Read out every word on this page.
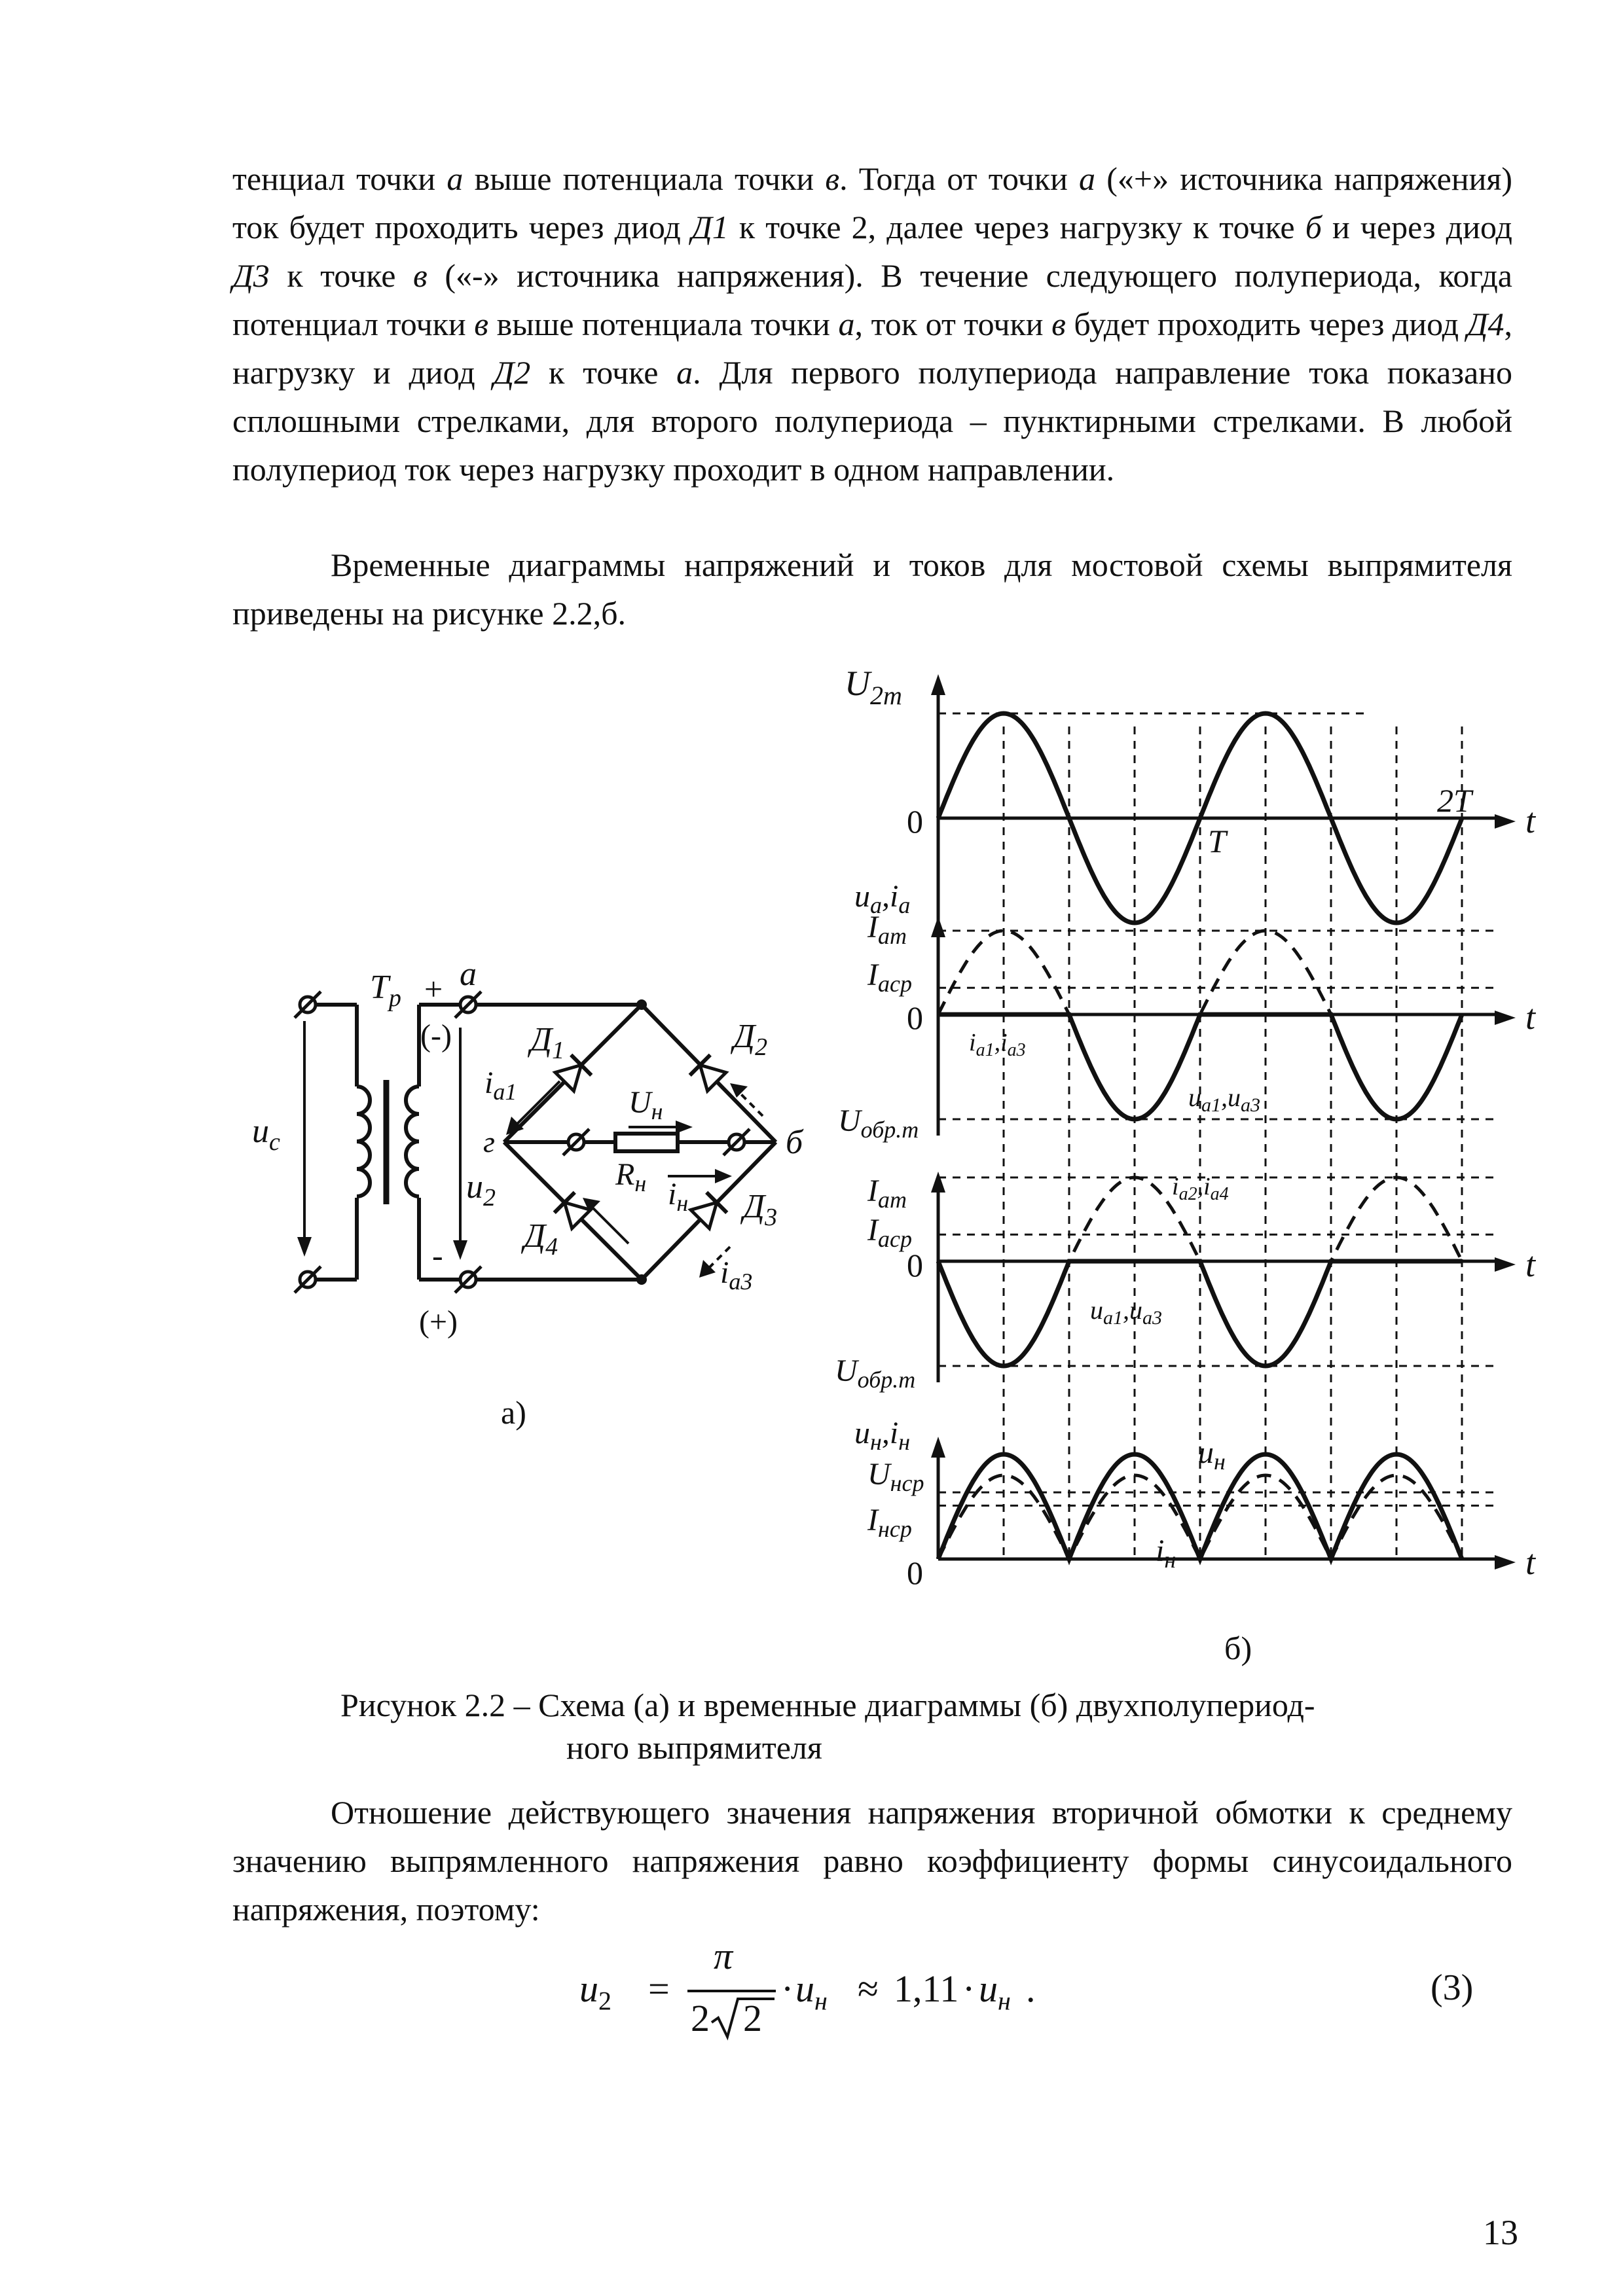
тенциал точки а выше потенциала точки в. Тогда от точки а («+» источника напряжения) ток будет проходить через диод Д1 к точке 2, далее через нагрузку к точке б и через диод Д3 к точке в («-» источника напряжения). В течение следующего полупериода, когда потенциал точки в выше потенциала точки а, ток от точки в будет проходить через диод Д4, нагрузку и диод Д2 к точке а. Для первого полупериода направление тока показано сплошными стрелками, для второго полупериода – пунктирными стрелками. В любой полупериод ток через нагрузку проходит в одном направлении.

Временные диаграммы напряжений и токов для мостовой схемы выпрямителя приведены на рисунке 2.2,б.

$u_c$
$Т_р + а$
(-)
-
(+)
$u_2$
г	б
$Д_1$	$Д_2$
$Д_3$
$Д_4$
$i_{а1}$
$i_{а3}$
$U_н$
$R_н$ $i_н$
а)
$U_{2m}$
0	t
T
2T
$u_а,i_а$
$I_{am}$
$I_{аср}$
0	t
$i_{а1},i_{а3}$
$u_{а1},u_{а3}$
$U_{обр.m}$
$I_{am}$
$I_{аср}$
0	t
$i_{а2},i_{а4}$
$u_{а1},u_{а3}$
$U_{обр.m}$
$u_н,i_н$
$U_{нср}$
$I_{нср}$
0	t
$u_н$
$i_н$
б)
Рисунок 2.2 – Схема (а) и временные диаграммы (б) двухполупериод-
ного выпрямителя

Отношение действующего значения напряжения вторичной обмотки к среднему значению выпрямленного напряжения равно коэффициенту формы синусоидального напряжения, поэтому:

$u_2$ =
π
2 2
· $u_н \approx 1,11 \cdot u_н$ .	(3)
13
